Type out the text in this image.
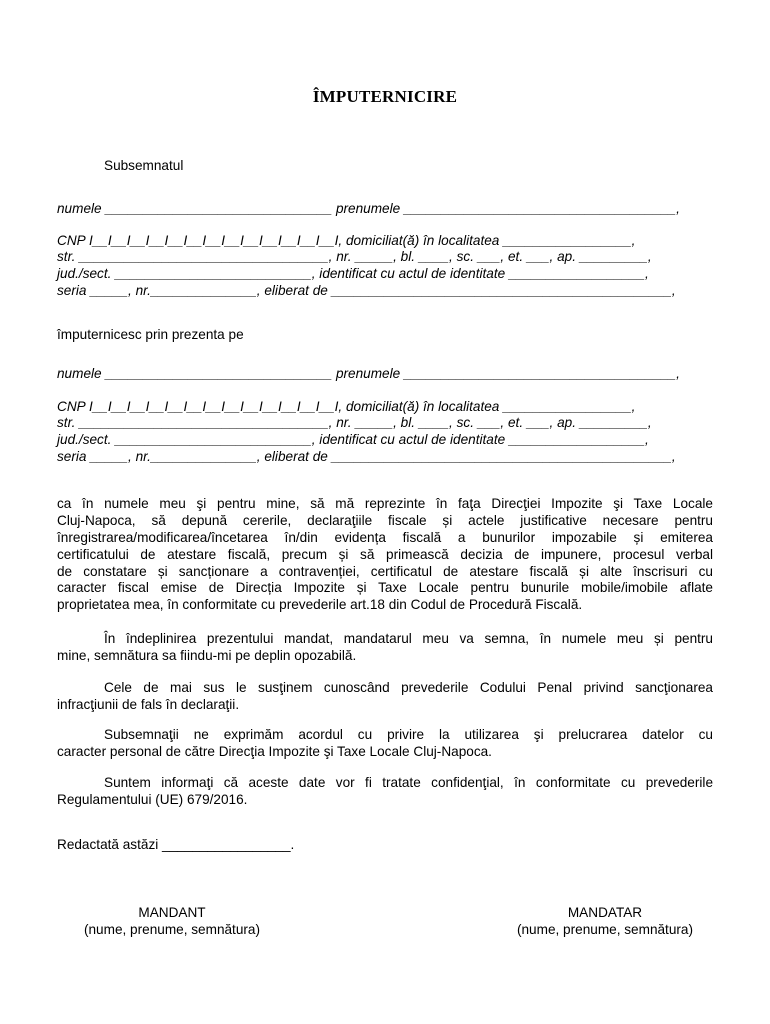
ÎMPUTERNICIRE
Subsemnatul
numele ______________________________ prenumele ____________________________________,
CNP I__I__I__I__I__I__I__I__I__I__I__I__I__I, domiciliat(ă) în localitatea _________________,
str. _________________________________, nr. _____, bl. ____, sc. ___, et. ___, ap. _________,
jud./sect. __________________________, identificat cu actul de identitate __________________,
seria _____, nr.______________, eliberat de _____________________________________________,
împuternicesc prin prezenta pe
numele ______________________________ prenumele ____________________________________,
CNP I__I__I__I__I__I__I__I__I__I__I__I__I__I, domiciliat(ă) în localitatea _________________,
str. _________________________________, nr. _____, bl. ____, sc. ___, et. ___, ap. _________,
jud./sect. __________________________, identificat cu actul de identitate __________________,
seria _____, nr.______________, eliberat de _____________________________________________,
ca în numele meu şi pentru mine, să mă reprezinte în faţa Direcţiei Impozite şi Taxe Locale
Cluj-Napoca, să depună cererile, declaraţiile fiscale și actele justificative necesare pentru
înregistrarea/modificarea/încetarea în/din evidența fiscală a bunurilor impozabile și emiterea
certificatului de atestare fiscală, precum și să primească decizia de impunere, procesul verbal
de constatare și sancționare a contravenției, certificatul de atestare fiscală și alte înscrisuri cu
caracter fiscal emise de Direcția Impozite și Taxe Locale pentru bunurile mobile/imobile aflate
proprietatea mea, în conformitate cu prevederile art.18 din Codul de Procedură Fiscală.
În îndeplinirea prezentului mandat, mandatarul meu va semna, în numele meu și pentru
mine, semnătura sa fiindu-mi pe deplin opozabilă.
Cele de mai sus le susţinem cunoscând prevederile Codului Penal privind sancţionarea
infracţiunii de fals în declaraţii.
Subsemnaţii ne exprimăm acordul cu privire la utilizarea şi prelucrarea datelor cu
caracter personal de către Direcţia Impozite şi Taxe Locale Cluj-Napoca.
Suntem informaţi că aceste date vor fi tratate confidenţial, în conformitate cu prevederile
Regulamentului (UE) 679/2016.
Redactată astăzi _________________.
MANDANT
(nume, prenume, semnătura)
MANDATAR
(nume, prenume, semnătura)
